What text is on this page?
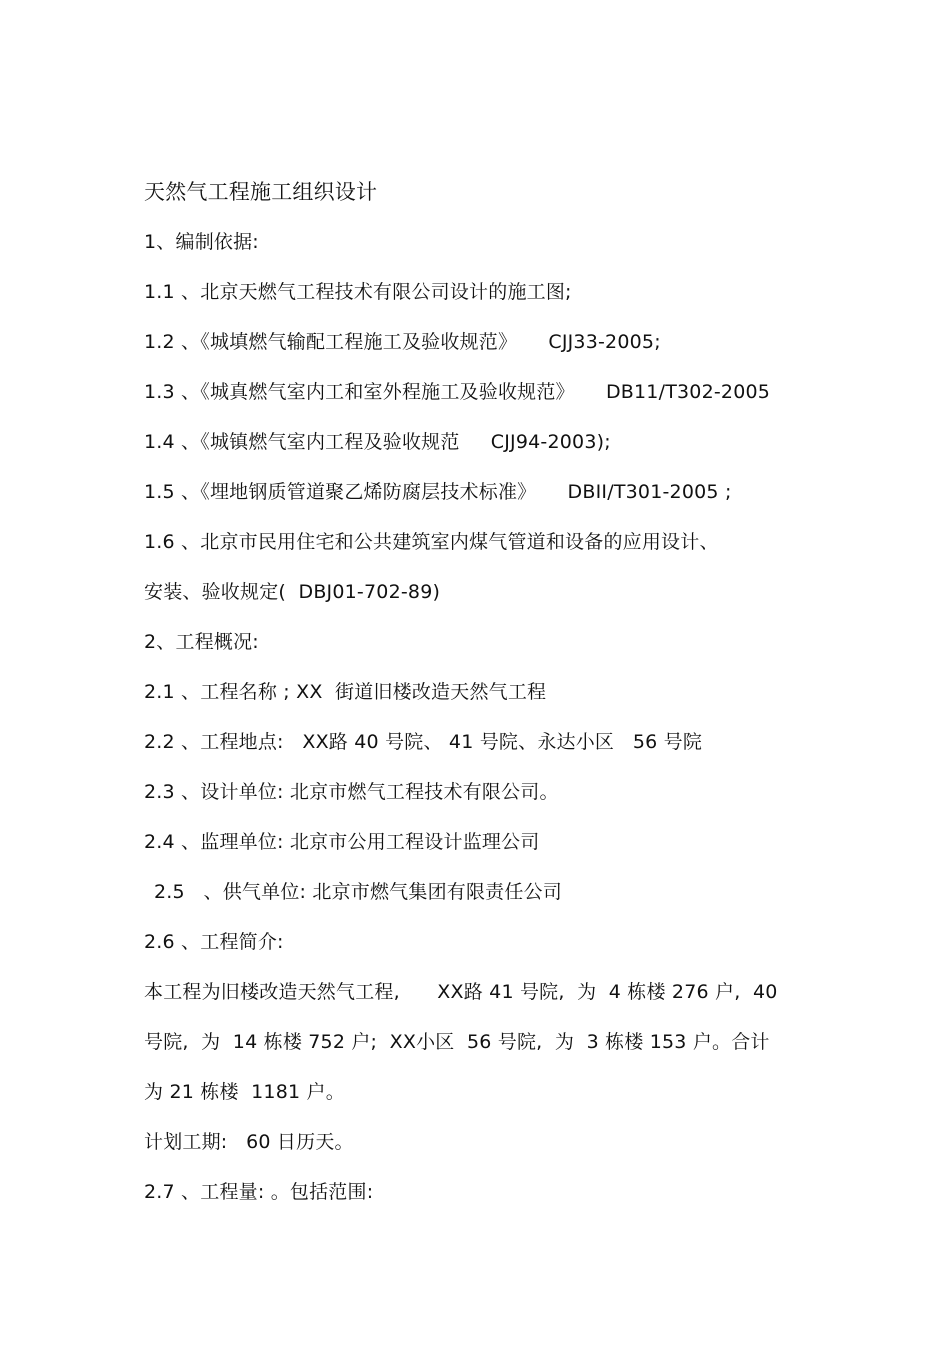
天然气工程施工组织设计
1、编制依据:
1.1 、北京天燃气工程技术有限公司设计的施工图;
1.2 、《城填燃气输配工程施工及验收规范》     CJJ33-2005;
1.3 、《城真燃气室内工和室外程施工及验收规范》     DB11/T302-2005
1.4 、《城镇燃气室内工程及验收规范     CJJ94-2003);
1.5 、《埋地钢质管道聚乙烯防腐层技术标准》     DBII/T301-2005 ;
1.6 、北京市民用住宅和公共建筑室内煤气管道和设备的应用设计、
安装、验收规定(  DBJ01-702-89)
2、工程概况:
2.1 、工程名称 ; XX  街道旧楼改造天然气工程
2.2 、工程地点:   XX路 40 号院、 41 号院、永达小区   56 号院
2.3 、设计单位: 北京市燃气工程技术有限公司。
2.4 、监理单位: 北京市公用工程设计监理公司
2.5   、供气单位: 北京市燃气集团有限责任公司
2.6 、工程简介:
本工程为旧楼改造天然气工程,      XX路 41 号院,  为  4 栋楼 276 户,  40
号院,  为  14 栋楼 752 户;  XX小区  56 号院,  为  3 栋楼 153 户。合计
为 21 栋楼  1181 户。
计划工期:   60 日历天。
2.7 、工程量: 。包括范围:
